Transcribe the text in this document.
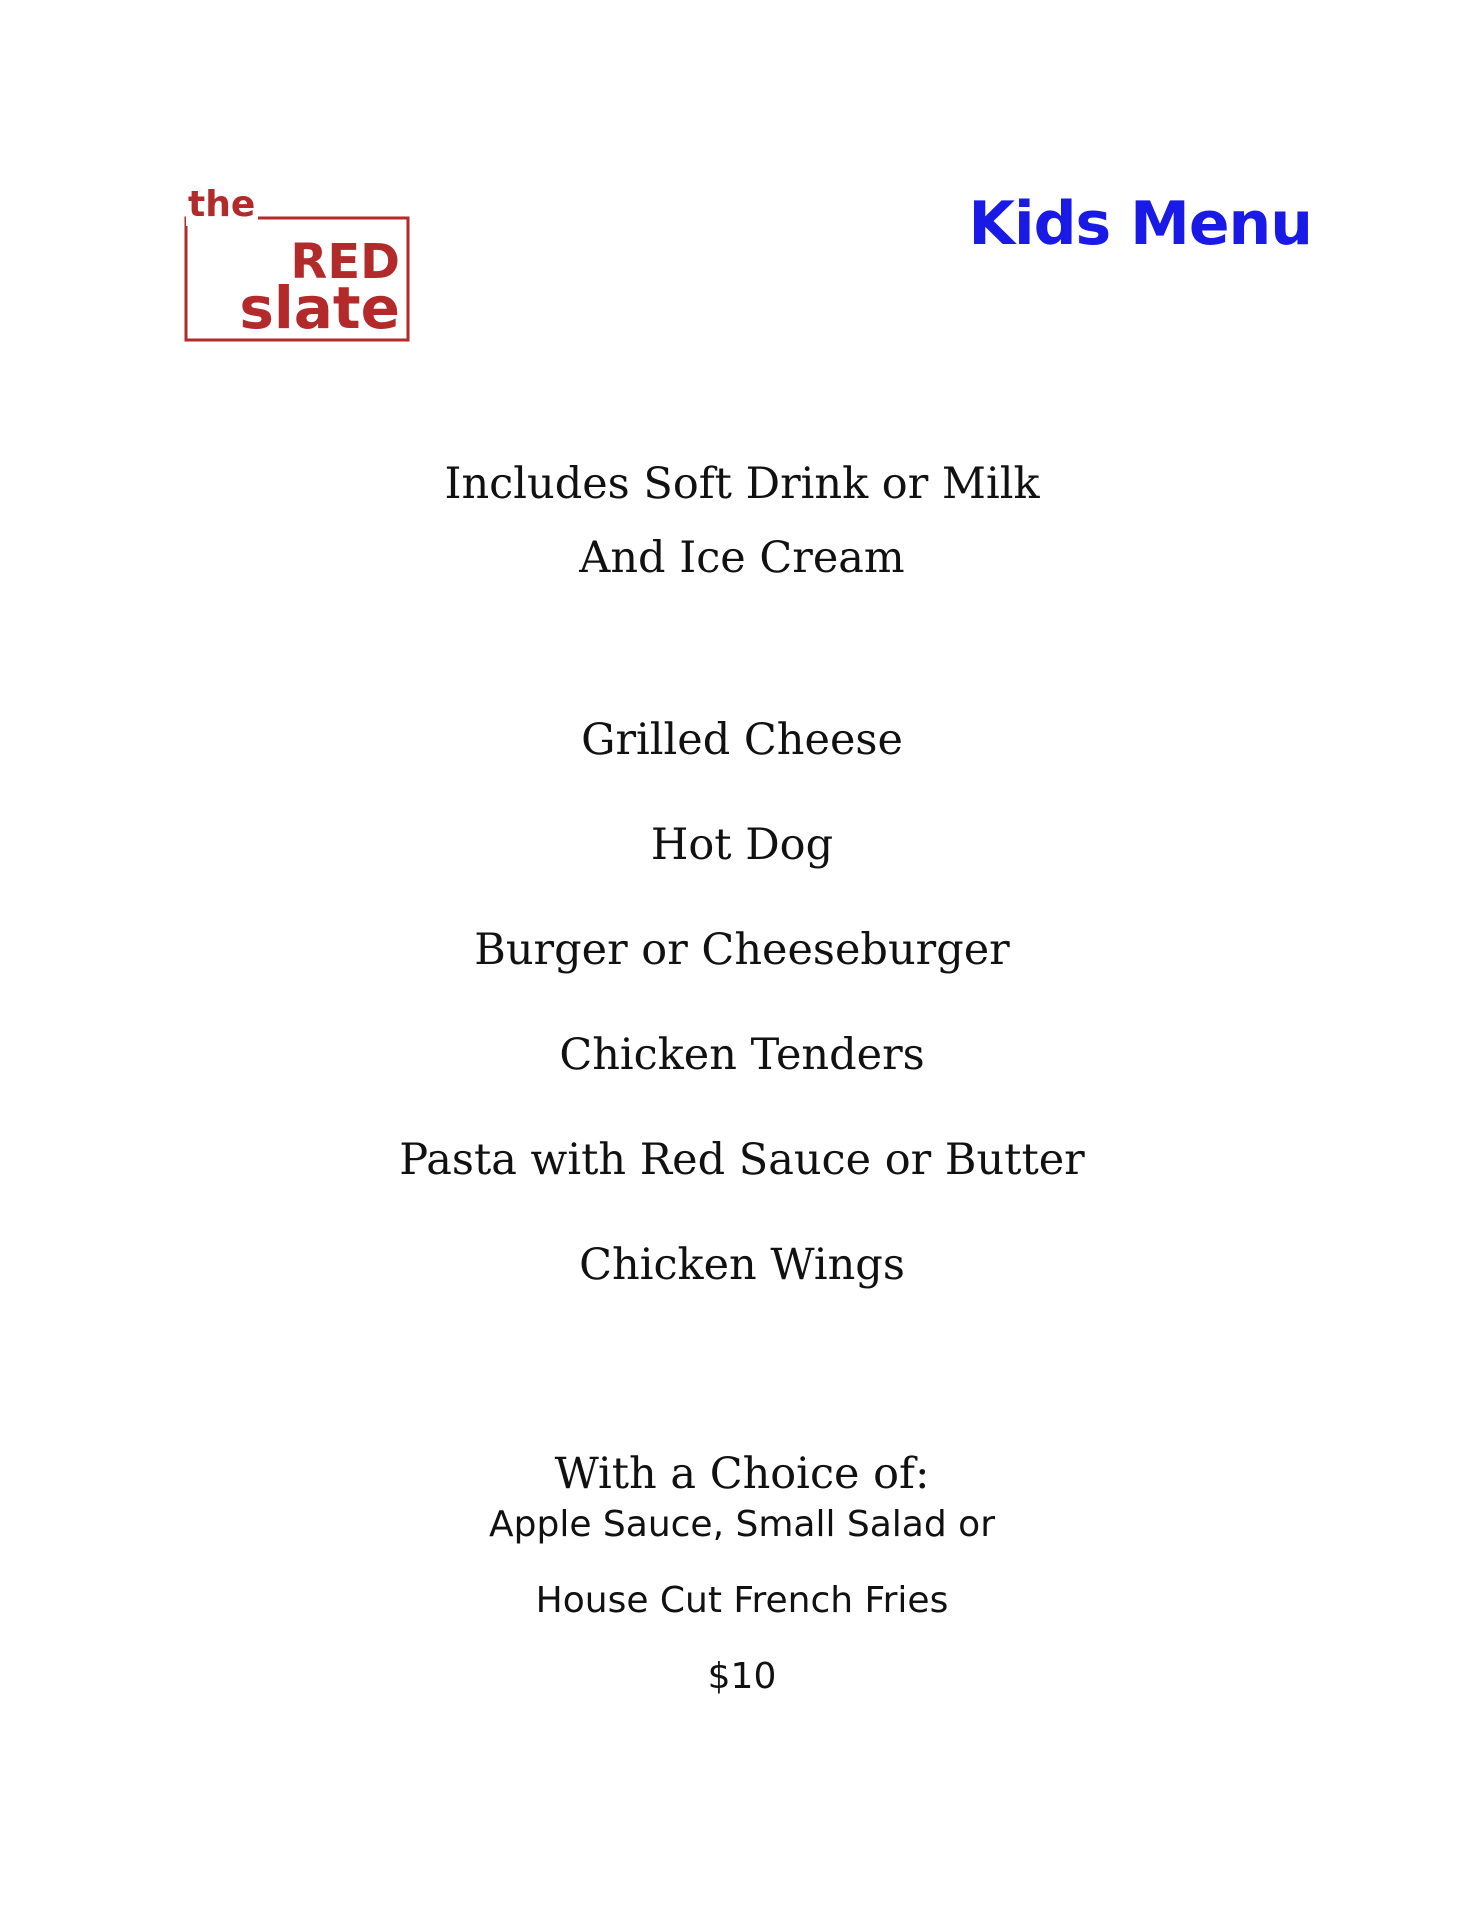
the
RED
slate
Kids Menu
Includes Soft Drink or Milk
And Ice Cream
Grilled Cheese
Hot Dog
Burger or Cheeseburger
Chicken Tenders
Pasta with Red Sauce or Butter
Chicken Wings
With a Choice of:
Apple Sauce, Small Salad or
House Cut French Fries
$10
